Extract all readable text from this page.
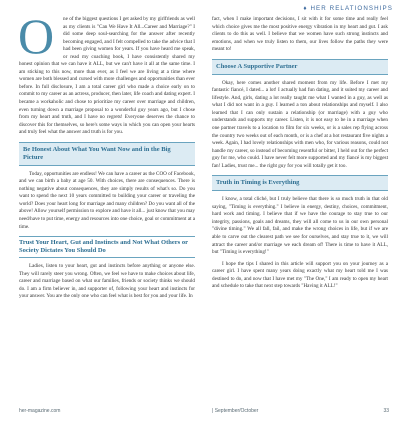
♦ HER RELATIONSHIPS
O	ne of the biggest questions I get asked by my girlfriends as well as my clients is "Can We Have It All...Career and Marriage?" I did some deep soul-searching for the answer after recently becoming engaged, and I felt compelled to take the advice that I had been giving women for years. If you have heard me speak, or read my coaching book, I have consistently shared my honest opinion that we can have it ALL, but we can't have it all at the same time. I am sticking to this now, more than ever, as I feel we are living at a time where women are both blessed and cursed with more challenges and opportunities than ever before. In full disclosure, I am a total career girl who made a choice early on to commit to my career as an actress, producer, then later, life coach and dating expert. I became a workaholic and chose to prioritize my career over marriage and children, even turning down a marriage proposal to a wonderful guy years ago, but I chose from my heart and truth, and I have no regrets! Everyone deserves the chance to discover this for themselves, so here's some ways in which you can open your hearts and truly feel what the answer and truth is for you.

Be Honest About What You Want Now and in the Big Picture

Today, opportunities are endless! We can have a career as the COO of Facebook, and we can birth a baby at age 50. With choices, there are consequences. There is nothing negative about consequences, they are simply results of what's so. Do you want to spend the next 10 years committed to building your career or traveling the world? Does your heart long for marriage and many children? Do you want all of the above! Allow yourself permission to explore and have it all... just know that you may need/have to put time, energy and resources into one choice, goal or commitment at a time.

Trust Your Heart, Gut and Instincts and Not What Others or Society Dictates You Should Do

Ladies, listen to your heart, gut and instincts before anything or anyone else. They will rarely steer you wrong. Often, we feel we have to make choices about life, career and marriage based on what our families, friends or society thinks we should do. I am a firm believer in, and supporter of, following your heart and instincts for your answer. You are the only one who can feel what is best for you and your life. In

fact, when I make important decisions, I sit with it for some time and really feel which choice gives me the most positive energy vibration in my heart and gut. I ask clients to do this as well. I believe that we women have such strong instincts and emotions, and when we truly listen to them, our lives follow the paths they were meant to!

Choose A Supportive Partner

Okay, here comes another shared moment from my life. Before I met my fantastic fiancé, I dated... a lot! I actually had fun dating, and it suited my career and lifestyle. And, girls, dating a lot really taught me what I wanted in a guy, as well as what I did not want in a guy. I learned a ton about relationships and myself. I also learned that I can only sustain a relationship (or marriage) with a guy who understands and supports my career. Listen, it is not easy to be in a marriage when one partner travels to a location to film for six weeks, or is a sales rep flying across the country two weeks out of each month, or is a chef at a hot restaurant five nights a week. Again, I had lovely relationships with men who, for various reasons, could not handle my career, so instead of becoming resentful or bitter, I held out for the perfect guy for me, who could. I have never felt more supported and my fiancé is my biggest fan! Ladies, trust me... the right guy for you will totally get it too.

Truth in Timing is Everything

I know, a total cliché, but I truly believe that there is so much truth in that old saying, "Timing is everything." I believe in energy, destiny, choices, commitment, hard work and timing. I believe that if we have the courage to stay true to our integrity, passions, goals and dreams, they will all come to us in our own personal "divine timing." We all fall, fail, and make the wrong choices in life, but if we are able to carve out the clearest path we see for ourselves, and stay true to it, we will attract the career and/or marriage we each dream of! There is time to have it ALL, but "Timing is everything!"

I hope the tips I shared in this article will support you on your journey as a career girl. I have spent many years doing exactly what my heart told me I was destined to do, and now that I have met my "The One," I am ready to open my heart and schedule to take that next step towards "Having it ALL!"

her-magazine.com	| September/October	33
